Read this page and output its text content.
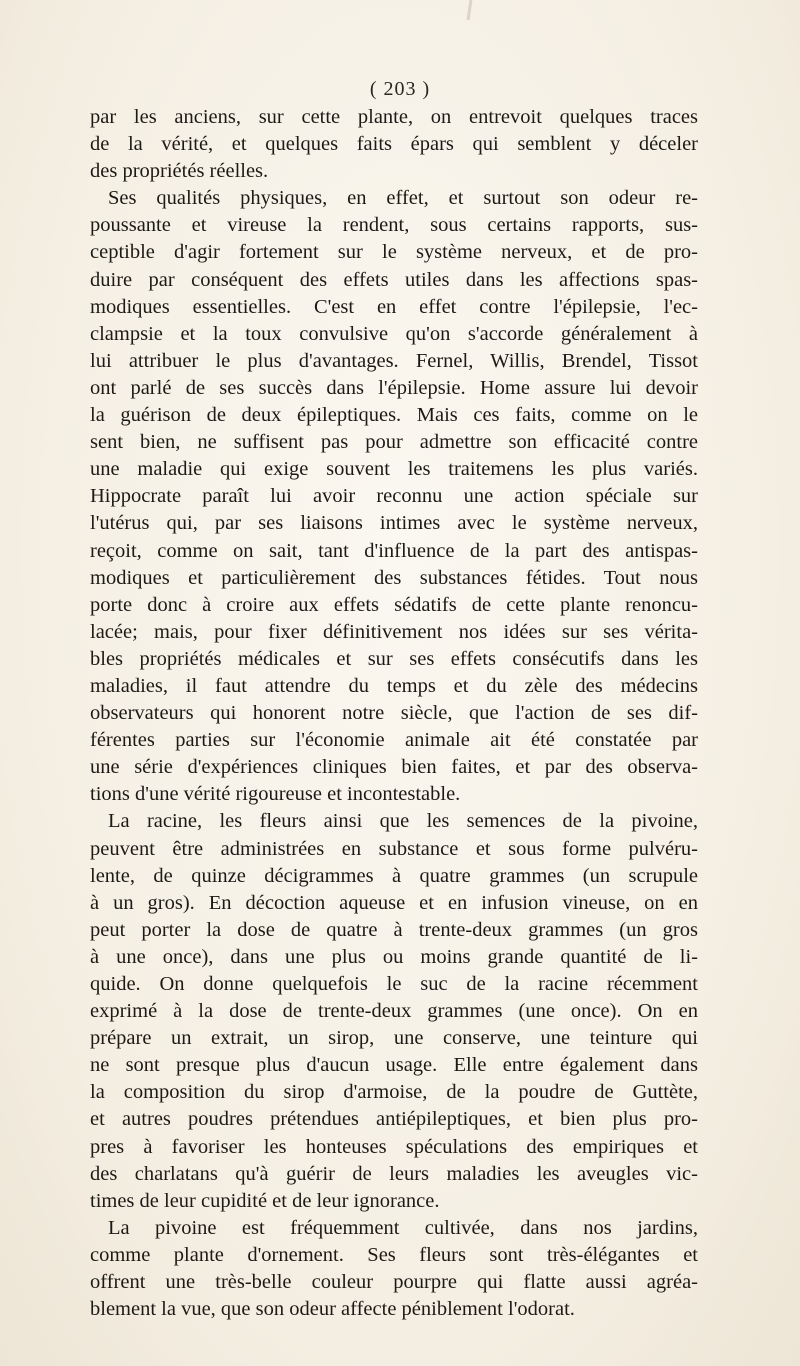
( 203 )
par les anciens, sur cette plante, on entrevoit quelques traces
de la vérité, et quelques faits épars qui semblent y déceler
des propriétés réelles.
Ses qualités physiques, en effet, et surtout son odeur re-
poussante et vireuse la rendent, sous certains rapports, sus-
ceptible d'agir fortement sur le système nerveux, et de pro-
duire par conséquent des effets utiles dans les affections spas-
modiques essentielles. C'est en effet contre l'épilepsie, l'ec-
clampsie et la toux convulsive qu'on s'accorde généralement à
lui attribuer le plus d'avantages. Fernel, Willis, Brendel, Tissot
ont parlé de ses succès dans l'épilepsie. Home assure lui devoir
la guérison de deux épileptiques. Mais ces faits, comme on le
sent bien, ne suffisent pas pour admettre son efficacité contre
une maladie qui exige souvent les traitemens les plus variés.
Hippocrate paraît lui avoir reconnu une action spéciale sur
l'utérus qui, par ses liaisons intimes avec le système nerveux,
reçoit, comme on sait, tant d'influence de la part des antispas-
modiques et particulièrement des substances fétides. Tout nous
porte donc à croire aux effets sédatifs de cette plante renoncu-
lacée; mais, pour fixer définitivement nos idées sur ses vérita-
bles propriétés médicales et sur ses effets consécutifs dans les
maladies, il faut attendre du temps et du zèle des médecins
observateurs qui honorent notre siècle, que l'action de ses dif-
férentes parties sur l'économie animale ait été constatée par
une série d'expériences cliniques bien faites, et par des observa-
tions d'une vérité rigoureuse et incontestable.
La racine, les fleurs ainsi que les semences de la pivoine,
peuvent être administrées en substance et sous forme pulvéru-
lente, de quinze décigrammes à quatre grammes (un scrupule
à un gros). En décoction aqueuse et en infusion vineuse, on en
peut porter la dose de quatre à trente-deux grammes (un gros
à une once), dans une plus ou moins grande quantité de li-
quide. On donne quelquefois le suc de la racine récemment
exprimé à la dose de trente-deux grammes (une once). On en
prépare un extrait, un sirop, une conserve, une teinture qui
ne sont presque plus d'aucun usage. Elle entre également dans
la composition du sirop d'armoise, de la poudre de Guttète,
et autres poudres prétendues antiépileptiques, et bien plus pro-
pres à favoriser les honteuses spéculations des empiriques et
des charlatans qu'à guérir de leurs maladies les aveugles vic-
times de leur cupidité et de leur ignorance.
La pivoine est fréquemment cultivée, dans nos jardins,
comme plante d'ornement. Ses fleurs sont très-élégantes et
offrent une très-belle couleur pourpre qui flatte aussi agréa-
blement la vue, que son odeur affecte péniblement l'odorat.
